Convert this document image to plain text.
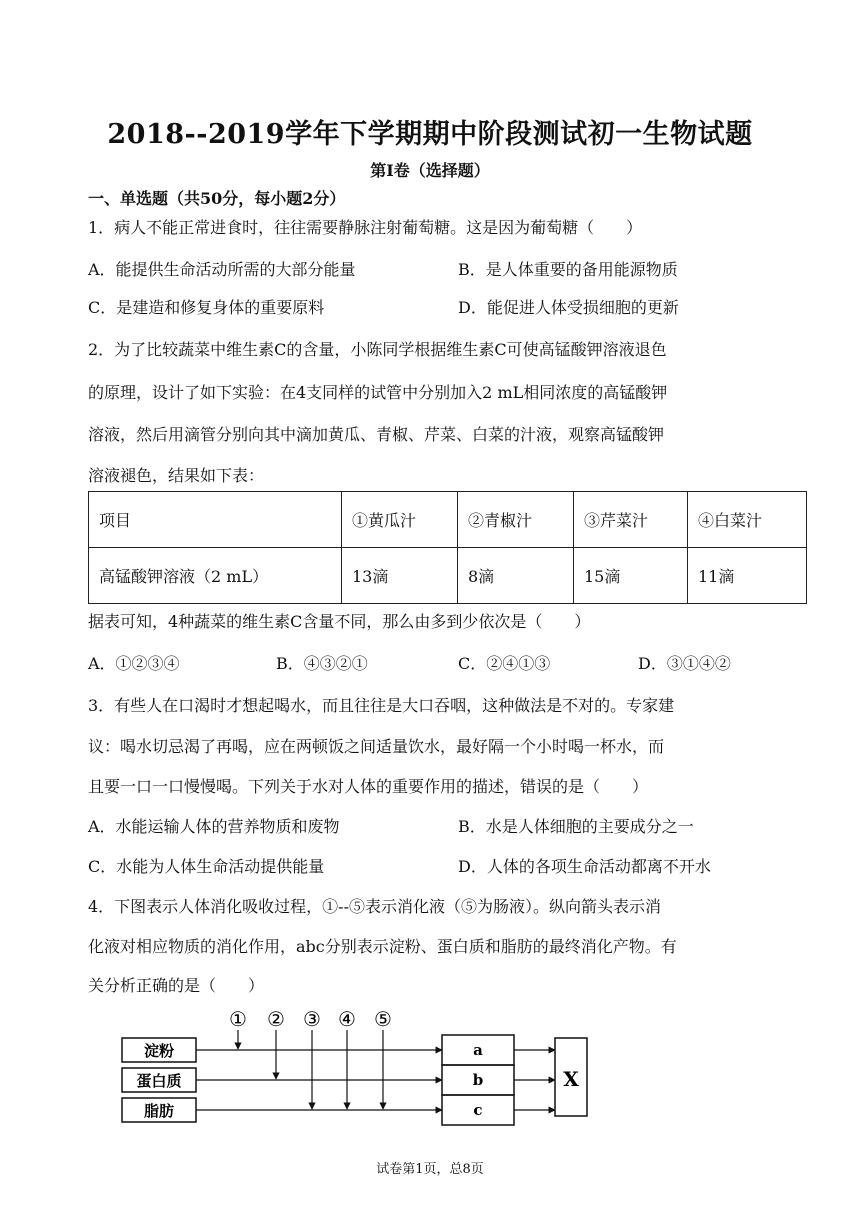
2018--2019学年下学期期中阶段测试初一生物试题
第Ⅰ卷（选择题）
一、单选题（共50分，每小题2分）
1．病人不能正常进食时，往往需要静脉注射葡萄糖。这是因为葡萄糖（　　）
A．能提供生命活动所需的大部分能量	B．是人体重要的备用能源物质
C．是建造和修复身体的重要原料	D．能促进人体受损细胞的更新
2．为了比较蔬菜中维生素C的含量，小陈同学根据维生素C可使高锰酸钾溶液退色
的原理，设计了如下实验：在4支同样的试管中分别加入2 mL相同浓度的高锰酸钾
溶液，然后用滴管分别向其中滴加黄瓜、青椒、芹菜、白菜的汁液，观察高锰酸钾
溶液褪色，结果如下表：
项目	①黄瓜汁	②青椒汁	③芹菜汁	④白菜汁
高锰酸钾溶液（2 mL）	13滴	8滴	15滴	11滴
据表可知，4种蔬菜的维生素C含量不同，那么由多到少依次是（　　）
A．①②③④	B．④③②①	C．②④①③	D．③①④②
3．有些人在口渴时才想起喝水，而且往往是大口吞咽，这种做法是不对的。专家建
议：喝水切忌渴了再喝，应在两顿饭之间适量饮水，最好隔一个小时喝一杯水，而
且要一口一口慢慢喝。下列关于水对人体的重要作用的描述，错误的是（　　）
A．水能运输人体的营养物质和废物	B．水是人体细胞的主要成分之一
C．水能为人体生命活动提供能量	D．人体的各项生命活动都离不开水
4．下图表示人体消化吸收过程，①--⑤表示消化液（⑤为肠液）。纵向箭头表示消
化液对相应物质的消化作用，abc分别表示淀粉、蛋白质和脂肪的最终消化产物。有
关分析正确的是（　　）
淀粉
蛋白质
脂肪
① ② ③ ④ ⑤
a
b
c
X
试卷第1页，总8页
